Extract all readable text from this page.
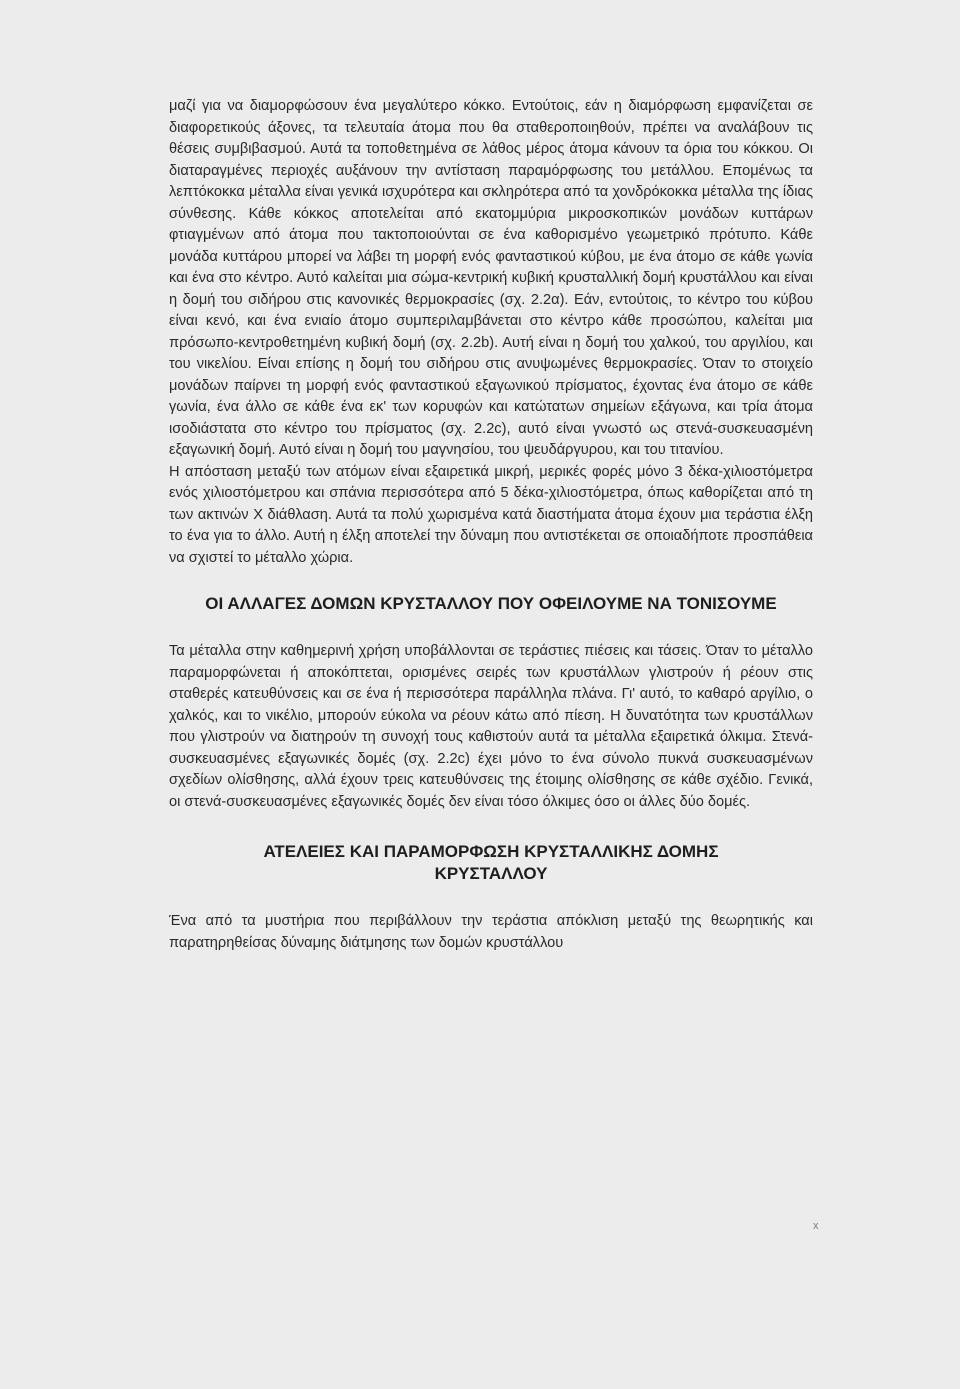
μαζί για να διαμορφώσουν ένα μεγαλύτερο κόκκο. Εντούτοις, εάν η διαμόρφωση εμφανίζεται σε διαφορετικούς άξονες, τα τελευταία άτομα που θα σταθεροποιηθούν, πρέπει να αναλάβουν τις θέσεις συμβιβασμού. Αυτά τα τοποθετημένα σε λάθος μέρος άτομα κάνουν τα όρια του κόκκου. Οι διαταραγμένες περιοχές αυξάνουν την αντίσταση παραμόρφωσης του μετάλλου. Επομένως τα λεπτόκοκκα μέταλλα είναι γενικά ισχυρότερα και σκληρότερα από τα χονδρόκοκκα μέταλλα της ίδιας σύνθεσης. Κάθε κόκκος αποτελείται από εκατομμύρια μικροσκοπικών μονάδων κυττάρων φτιαγμένων από άτομα που τακτοποιούνται σε ένα καθορισμένο γεωμετρικό πρότυπο. Κάθε μονάδα κυττάρου μπορεί να λάβει τη μορφή ενός φανταστικού κύβου, με ένα άτομο σε κάθε γωνία και ένα στο κέντρο. Αυτό καλείται μια σώμα-κεντρική κυβική κρυσταλλική δομή κρυστάλλου και είναι η δομή του σιδήρου στις κανονικές θερμοκρασίες (σχ. 2.2α). Εάν, εντούτοις, το κέντρο του κύβου είναι κενό, και ένα ενιαίο άτομο συμπεριλαμβάνεται στο κέντρο κάθε προσώπου, καλείται μια πρόσωπο-κεντροθετημένη κυβική δομή (σχ. 2.2b). Αυτή είναι η δομή του χαλκού, του αργιλίου, και του νικελίου. Είναι επίσης η δομή του σιδήρου στις ανυψωμένες θερμοκρασίες. Όταν το στοιχείο μονάδων παίρνει τη μορφή ενός φανταστικού εξαγωνικού πρίσματος, έχοντας ένα άτομο σε κάθε γωνία, ένα άλλο σε κάθε ένα εκ' των κορυφών και κατώτατων σημείων εξάγωνα, και τρία άτομα ισοδιάστατα στο κέντρο του πρίσματος (σχ. 2.2c), αυτό είναι γνωστό ως στενά-συσκευασμένη εξαγωνική δομή. Αυτό είναι η δομή του μαγνησίου, του ψευδάργυρου, και του τιτανίου.

Η απόσταση μεταξύ των ατόμων είναι εξαιρετικά μικρή, μερικές φορές μόνο 3 δέκα-χιλιοστόμετρα ενός χιλιοστόμετρου και σπάνια περισσότερα από 5 δέκα-χιλιοστόμετρα, όπως καθορίζεται από τη των ακτινών Χ διάθλαση. Αυτά τα πολύ χωρισμένα κατά διαστήματα άτομα έχουν μια τεράστια έλξη το ένα για το άλλο. Αυτή η έλξη αποτελεί την δύναμη που αντιστέκεται σε οποιαδήποτε προσπάθεια να σχιστεί το μέταλλο χώρια.

ΟΙ ΑΛΛΑΓΕΣ ΔΟΜΩΝ ΚΡΥΣΤΑΛΛΟΥ ΠΟΥ ΟΦΕΙΛΟΥΜΕ ΝΑ ΤΟΝΙΣΟΥΜΕ

Τα μέταλλα στην καθημερινή χρήση υποβάλλονται σε τεράστιες πιέσεις και τάσεις. Όταν το μέταλλο παραμορφώνεται ή αποκόπτεται, ορισμένες σειρές των κρυστάλλων γλιστρούν ή ρέουν στις σταθερές κατευθύνσεις και σε ένα ή περισσότερα παράλληλα πλάνα. Γι' αυτό, το καθαρό αργίλιο, ο χαλκός, και το νικέλιο, μπορούν εύκολα να ρέουν κάτω από πίεση. Η δυνατότητα των κρυστάλλων που γλιστρούν να διατηρούν τη συνοχή τους καθιστούν αυτά τα μέταλλα εξαιρετικά όλκιμα. Στενά-συσκευασμένες εξαγωνικές δομές (σχ. 2.2c) έχει μόνο το ένα σύνολο πυκνά συσκευασμένων σχεδίων ολίσθησης, αλλά έχουν τρεις κατευθύνσεις της έτοιμης ολίσθησης σε κάθε σχέδιο. Γενικά, οι στενά-συσκευασμένες εξαγωνικές δομές δεν είναι τόσο όλκιμες όσο οι άλλες δύο δομές.

ΑΤΕΛΕΙΕΣ ΚΑΙ ΠΑΡΑΜΟΡΦΩΣΗ ΚΡΥΣΤΑΛΛΙΚΗΣ ΔΟΜΗΣ ΚΡΥΣΤΑΛΛΟΥ

Ένα από τα μυστήρια που περιβάλλουν την τεράστια απόκλιση μεταξύ της θεωρητικής και παρατηρηθείσας δύναμης διάτμησης των δομών κρυστάλλου

x
